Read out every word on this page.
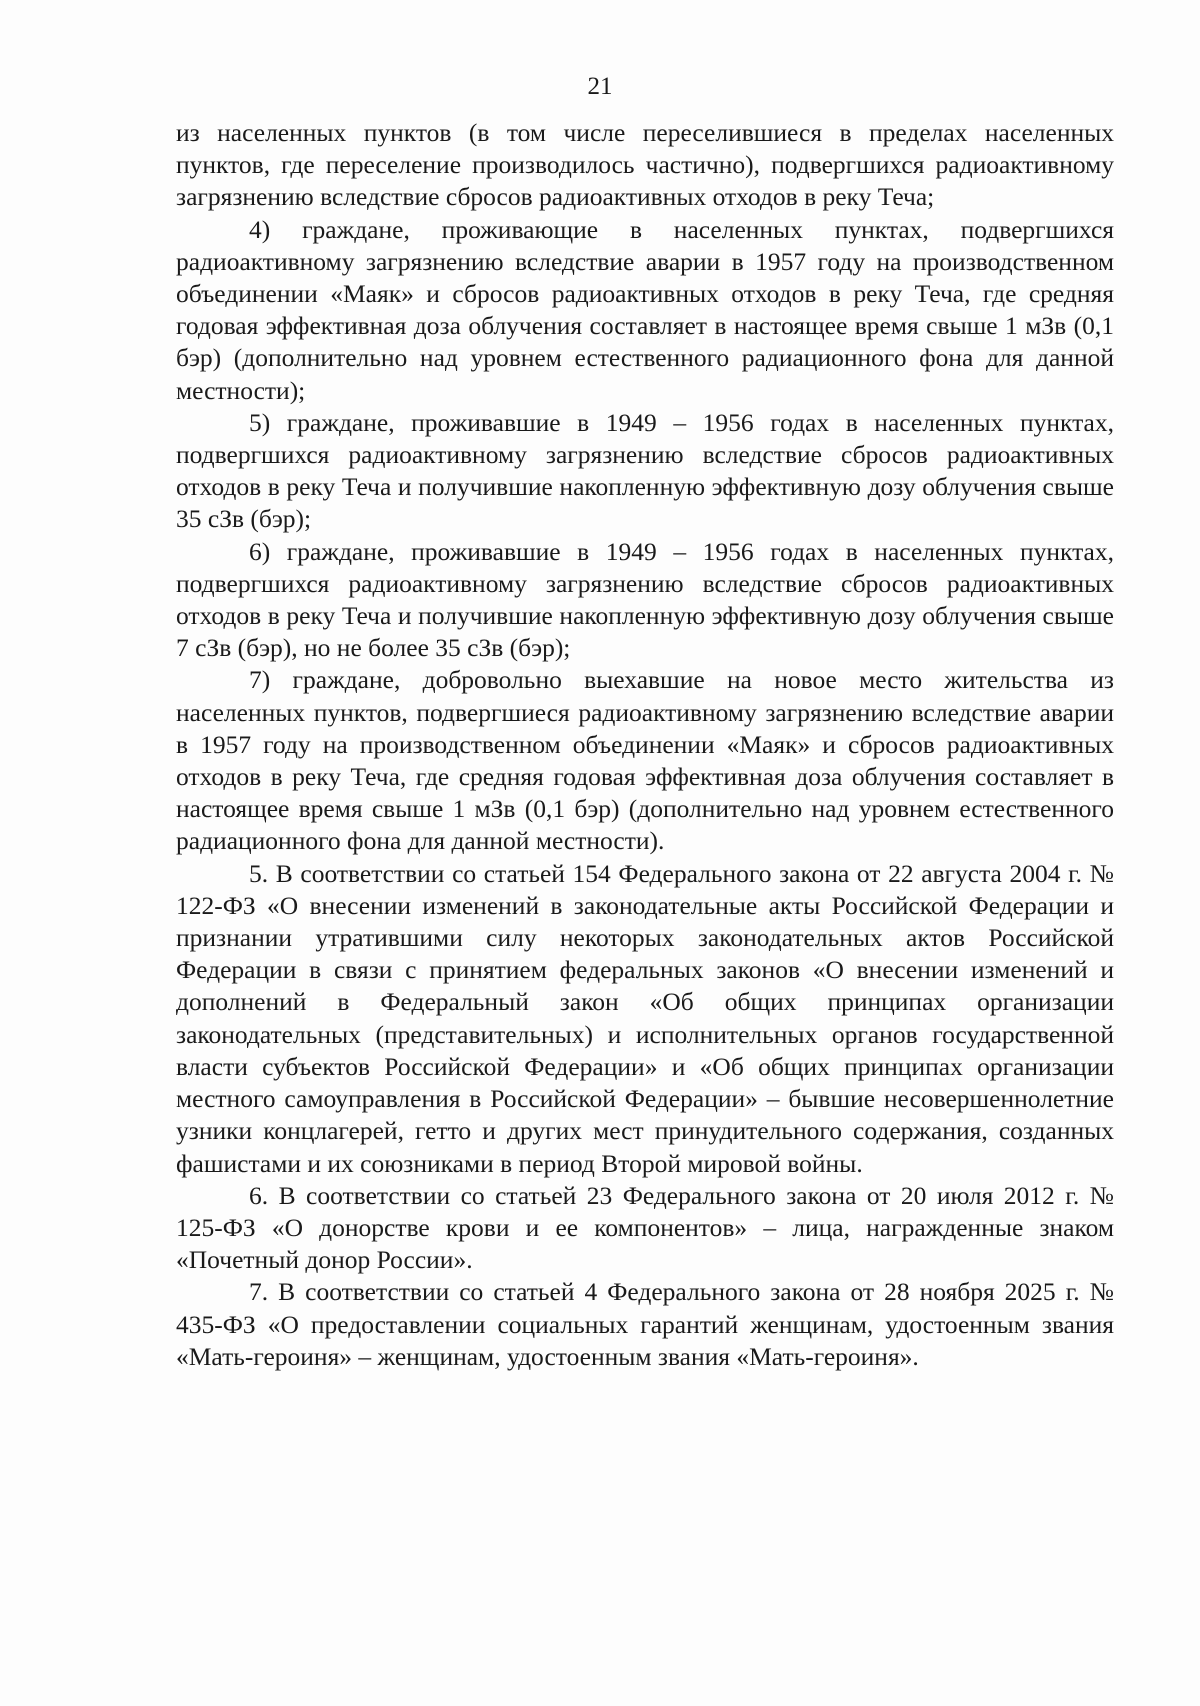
21

из населенных пунктов (в том числе переселившиеся в пределах населенных пунктов, где переселение производилось частично), подвергшихся радиоактивному загрязнению вследствие сбросов радиоактивных отходов в реку Теча;

4) граждане, проживающие в населенных пунктах, подвергшихся радиоактивному загрязнению вследствие аварии в 1957 году на производственном объединении «Маяк» и сбросов радиоактивных отходов в реку Теча, где средняя годовая эффективная доза облучения составляет в настоящее время свыше 1 мЗв (0,1 бэр) (дополнительно над уровнем естественного радиационного фона для данной местности);

5) граждане, проживавшие в 1949 – 1956 годах в населенных пунктах, подвергшихся радиоактивному загрязнению вследствие сбросов радиоактивных отходов в реку Теча и получившие накопленную эффективную дозу облучения свыше 35 сЗв (бэр);

6) граждане, проживавшие в 1949 – 1956 годах в населенных пунктах, подвергшихся радиоактивному загрязнению вследствие сбросов радиоактивных отходов в реку Теча и получившие накопленную эффективную дозу облучения свыше 7 сЗв (бэр), но не более 35 сЗв (бэр);

7) граждане, добровольно выехавшие на новое место жительства из населенных пунктов, подвергшиеся радиоактивному загрязнению вследствие аварии в 1957 году на производственном объединении «Маяк» и сбросов радиоактивных отходов в реку Теча, где средняя годовая эффективная доза облучения составляет в настоящее время свыше 1 мЗв (0,1 бэр) (дополнительно над уровнем естественного радиационного фона для данной местности).

5. В соответствии со статьей 154 Федерального закона от 22 августа 2004 г. № 122-ФЗ «О внесении изменений в законодательные акты Российской Федерации и признании утратившими силу некоторых законодательных актов Российской Федерации в связи с принятием федеральных законов «О внесении изменений и дополнений в Федеральный закон «Об общих принципах организации законодательных (представительных) и исполнительных органов государственной власти субъектов Российской Федерации» и «Об общих принципах организации местного самоуправления в Российской Федерации» – бывшие несовершеннолетние узники концлагерей, гетто и других мест принудительного содержания, созданных фашистами и их союзниками в период Второй мировой войны.

6. В соответствии со статьей 23 Федерального закона от 20 июля 2012 г. № 125-ФЗ «О донорстве крови и ее компонентов» – лица, награжденные знаком «Почетный донор России».

7. В соответствии со статьей 4 Федерального закона от 28 ноября 2025 г. № 435-ФЗ «О предоставлении социальных гарантий женщинам, удостоенным звания «Мать-героиня» – женщинам, удостоенным звания «Мать-героиня».
